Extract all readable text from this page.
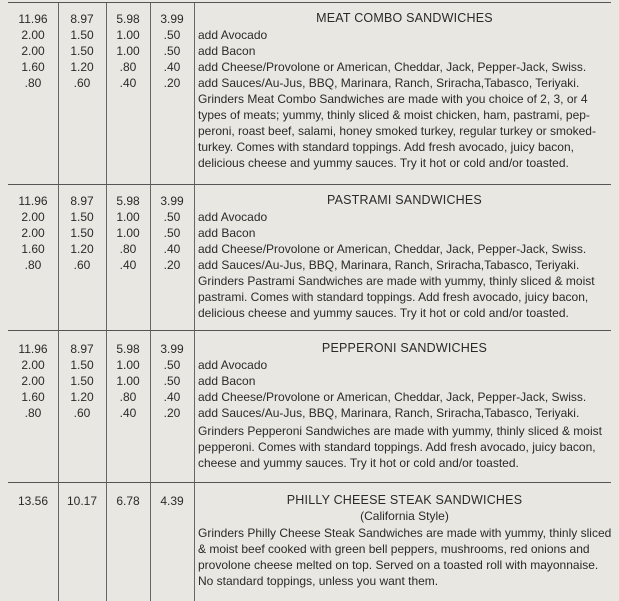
MEAT COMBO SANDWICHES
11.96	8.97	5.98	3.99
2.00	1.50	1.00	.50	add Avocado
2.00	1.50	1.00	.50	add Bacon
1.60	1.20	.80	.40	add Cheese/Provolone or American, Cheddar, Jack, Pepper-Jack, Swiss.
.80	.60	.40	.20	add Sauces/Au-Jus, BBQ, Marinara, Ranch, Sriracha,Tabasco, Teriyaki.
Grinders Meat Combo Sandwiches are made with you choice of 2, 3, or 4
types of meats; yummy, thinly sliced & moist chicken, ham, pastrami, pep-
peroni, roast beef, salami, honey smoked turkey, regular turkey or smoked-
turkey. Comes with standard toppings. Add fresh avocado, juicy bacon,
delicious cheese and yummy sauces. Try it hot or cold and/or toasted.
PASTRAMI SANDWICHES
11.96	8.97	5.98	3.99
2.00	1.50	1.00	.50	add Avocado
2.00	1.50	1.00	.50	add Bacon
1.60	1.20	.80	.40	add Cheese/Provolone or American, Cheddar, Jack, Pepper-Jack, Swiss.
.80	.60	.40	.20	add Sauces/Au-Jus, BBQ, Marinara, Ranch, Sriracha,Tabasco, Teriyaki.
Grinders Pastrami Sandwiches are made with yummy, thinly sliced & moist
pastrami. Comes with standard toppings. Add fresh avocado, juicy bacon,
delicious cheese and yummy sauces. Try it hot or cold and/or toasted.
PEPPERONI SANDWICHES
11.96	8.97	5.98	3.99
2.00	1.50	1.00	.50	add Avocado
2.00	1.50	1.00	.50	add Bacon
1.60	1.20	.80	.40	add Cheese/Provolone or American, Cheddar, Jack, Pepper-Jack, Swiss.
.80	.60	.40	.20	add Sauces/Au-Jus, BBQ, Marinara, Ranch, Sriracha,Tabasco, Teriyaki.
Grinders Pepperoni Sandwiches are made with yummy, thinly sliced & moist
pepperoni. Comes with standard toppings. Add fresh avocado, juicy bacon,
cheese and yummy sauces. Try it hot or cold and/or toasted.
PHILLY CHEESE STEAK SANDWICHES
(California Style)
13.56	10.17	6.78	4.39
Grinders Philly Cheese Steak Sandwiches are made with yummy, thinly sliced
& moist beef cooked with green bell peppers, mushrooms, red onions and
provolone cheese melted on top. Served on a toasted roll with mayonnaise.
No standard toppings, unless you want them.
